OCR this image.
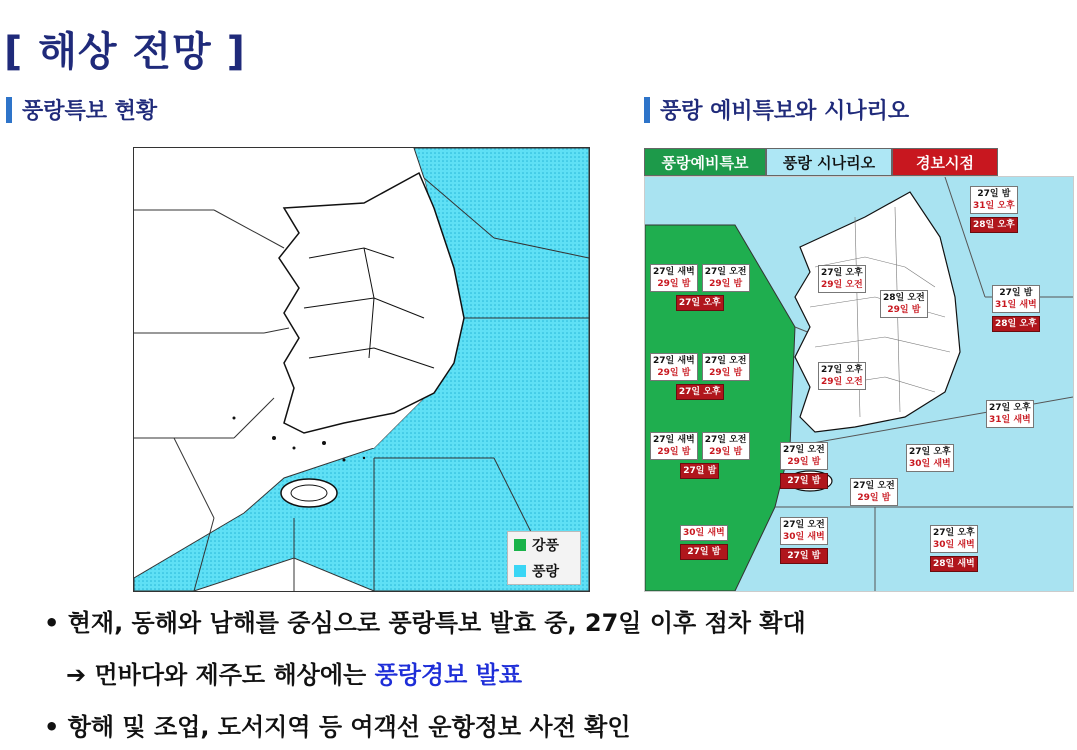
[ 해상 전망 ]
풍랑특보 현황	풍랑 예비특보와 시나리오
강풍
풍랑
풍랑예비특보	풍랑 시나리오	경보시점
27일 밤
31일 오후
28일 오후
27일 오후
29일 오전
28일 오전
29일 밤
27일 밤
31일 새벽
28일 오후
27일 오후
29일 오전
27일 오후
31일 새벽
27일 오전
29일 밤
27일 밤
27일 오후
30일 새벽
27일 오전
29일 밤
27일 오전
30일 새벽
27일 밤
27일 오후
30일 새벽
28일 새벽
30일 새벽
27일 밤
27일 새벽
29일 밤
27일 오전
29일 밤
27일 오후
27일 새벽
29일 밤
27일 오전
29일 밤
27일 오후
27일 새벽
29일 밤
27일 오전
29일 밤
27일 밤
• 현재, 동해와 남해를 중심으로 풍랑특보 발효 중, 27일 이후 점차 확대
➔ 먼바다와 제주도 해상에는 풍랑경보 발표
• 항해 및 조업, 도서지역 등 여객선 운항정보 사전 확인
